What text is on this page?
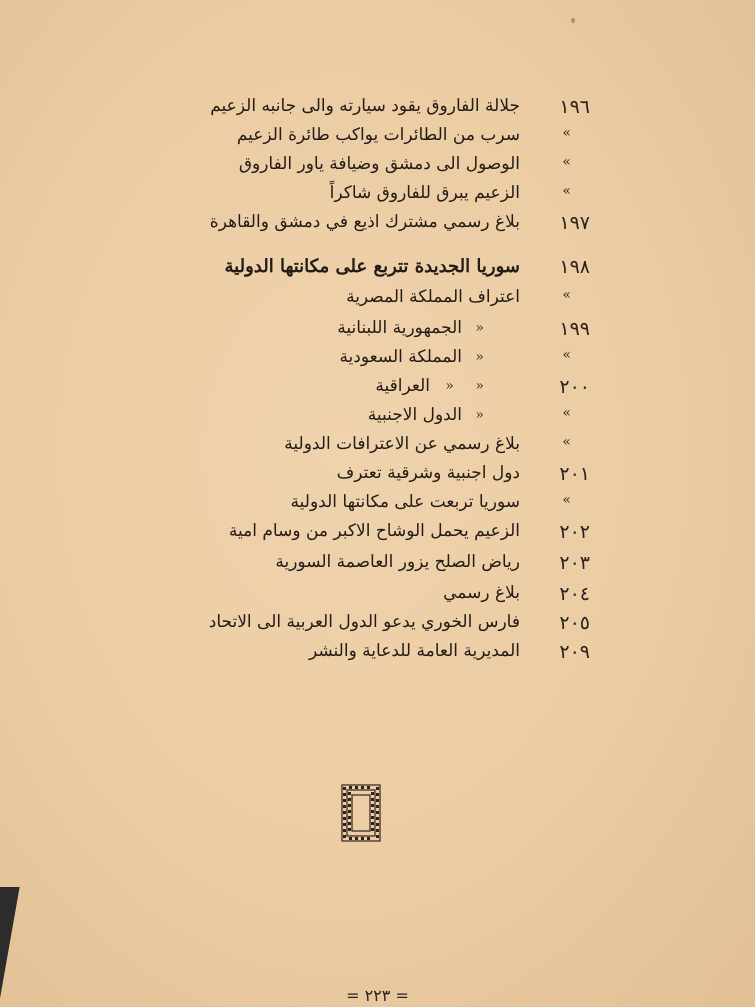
١٩٦
جلالة الفاروق يقود سيارته والى جانبه الزعيم
»
سرب من الطائرات يواكب طائرة الزعيم
»
الوصول الى دمشق وضيافة ياور الفاروق
»
الزعيم يبرق للفاروق شاكراً
١٩٧
بلاغ رسمي مشترك اذيع في دمشق والقاهرة
١٩٨
سوريا الجديدة تتربع على مكانتها الدولية
»
اعتراف المملكة المصرية
١٩٩
»
الجمهورية اللبنانية
»
»
المملكة السعودية
٢٠٠
»
»
العراقية
»
»
الدول الاجنبية
»
بلاغ رسمي عن الاعترافات الدولية
٢٠١
دول اجنبية وشرقية تعترف
»
سوريا تربعت على مكانتها الدولية
٢٠٢
الزعيم يحمل الوشاح الاكبر من وسام امية
٢٠٣
رياض الصلح يزور العاصمة السورية
٢٠٤
بلاغ رسمي
٢٠٥
فارس الخوري يدعو الدول العربية الى الاتحاد
٢٠٩
المديرية العامة للدعاية والنشر
= ٢٢٣ =
